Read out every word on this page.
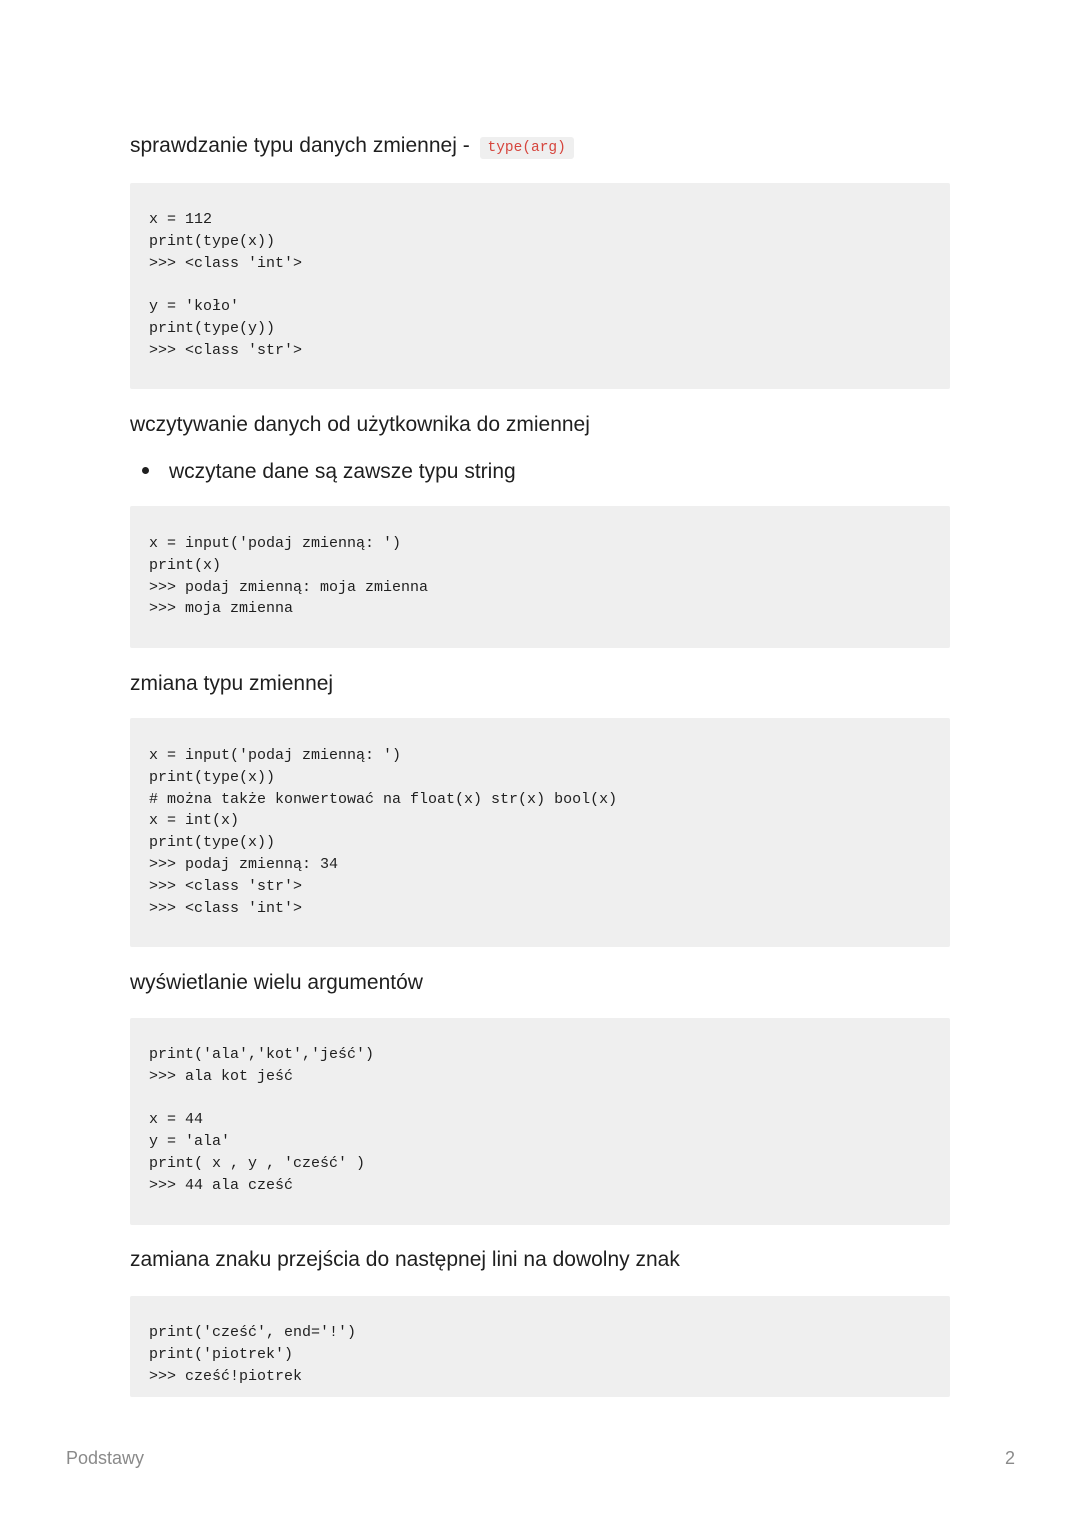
sprawdzanie typu danych zmiennej - type(arg)
x = 112
print(type(x))
>>> <class 'int'>

y = 'koło'
print(type(y))
>>> <class 'str'>
wczytywanie danych od użytkownika do zmiennej
wczytane dane są zawsze typu string
x = input('podaj zmienną: ')
print(x)
>>> podaj zmienną: moja zmienna
>>> moja zmienna
zmiana typu zmiennej
x = input('podaj zmienną: ')
print(type(x))
# można także konwertować na float(x) str(x) bool(x)
x = int(x)
print(type(x))
>>> podaj zmienną: 34
>>> <class 'str'>
>>> <class 'int'>
wyświetlanie wielu argumentów
print('ala','kot','jeść')
>>> ala kot jeść

x = 44
y = 'ala'
print( x , y , 'cześć' )
>>> 44 ala cześć
zamiana znaku przejścia do następnej lini na dowolny znak
print('cześć', end='!')
print('piotrek')
>>> cześć!piotrek
Podstawy	2
